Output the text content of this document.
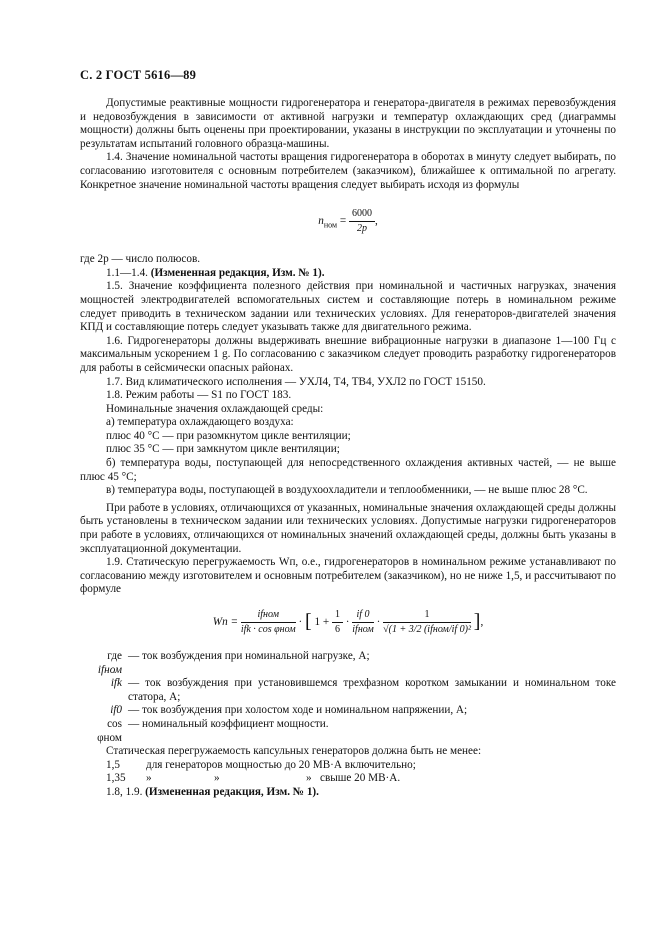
С. 2 ГОСТ 5616—89

Допустимые реактивные мощности гидрогенератора и генератора-двигателя в режимах перевозбуждения и недовозбуждения в зависимости от активной нагрузки и температур охлаждающих сред (диаграммы мощности) должны быть оценены при проектировании, указаны в инструкции по эксплуатации и уточнены по результатам испытаний головного образца-машины.

1.4. Значение номинальной частоты вращения гидрогенератора в оборотах в минуту следует выбирать, по согласованию изготовителя с основным потребителем (заказчиком), ближайшее к оптимальной по агрегату. Конкретное значение номинальной частоты вращения следует выбирать исходя из формулы

$n_{ном} = \frac{6000}{2p}$ ,

где 2p — число полюсов.

1.1—1.4. (Измененная редакция, Изм. № 1).

1.5. Значение коэффициента полезного действия при номинальной и частичных нагрузках, значения мощностей электродвигателей вспомогательных систем и составляющие потерь в номинальном режиме следует приводить в техническом задании или технических условиях. Для генераторов-двигателей значения КПД и составляющие потерь следует указывать также для двигательного режима.

1.6. Гидрогенераторы должны выдерживать внешние вибрационные нагрузки в диапазоне 1—100 Гц с максимальным ускорением 1 g. По согласованию с заказчиком следует проводить разработку гидрогенераторов для работы в сейсмически опасных районах.

1.7. Вид климатического исполнения — УХЛ4, Т4, ТВ4, УХЛ2 по ГОСТ 15150.

1.8. Режим работы — S1 по ГОСТ 183.

Номинальные значения охлаждающей среды:

а) температура охлаждающего воздуха:

плюс 40 °С — при разомкнутом цикле вентиляции;

плюс 35 °С — при замкнутом цикле вентиляции;

б) температура воды, поступающей для непосредственного охлаждения активных частей, — не выше плюс 45 °С;

в) температура воды, поступающей в воздухоохладители и теплообменники, — не выше плюс 28 °С.

При работе в условиях, отличающихся от указанных, номинальные значения охлаждающей среды должны быть установлены в техническом задании или технических условиях. Допустимые нагрузки гидрогенераторов при работе в условиях, отличающихся от номинальных значений охлаждающей среды, должны быть указаны в эксплуатационной документации.

1.9. Статическую перегружаемость Wп, о.е., гидрогенераторов в номинальном режиме устанавливают по согласованию между изготовителем и основным потребителем (заказчиком), но не ниже 1,5, и рассчитывают по формуле

Wп = $\frac{\text{ifном}}{\text{ifk · cos φном}}$ · [ $1 + \frac{1}{6} \cdot \frac{if 0}{\text{ifном}} \cdot \frac{1}{\text{√(1 + 3/2 (ifном/if 0)²}}$ ],
гдеifном
— ток возбуждения при номинальной нагрузке, А;
ifk — ток возбуждения при установившемся трехфазном коротком замыкании и номинальном токе статора, А;
if0 — ток возбуждения при холостом ходе и номинальном напряжении, А;
cos φном
— номинальный коэффициент мощности.

Статическая перегружаемость капсульных генераторов должна быть не менее:

1,5	для генераторов мощностью до 20 МВ·А включительно;
1,35	»	»	» свыше 20 МВ·А.

1.8, 1.9. (Измененная редакция, Изм. № 1).
